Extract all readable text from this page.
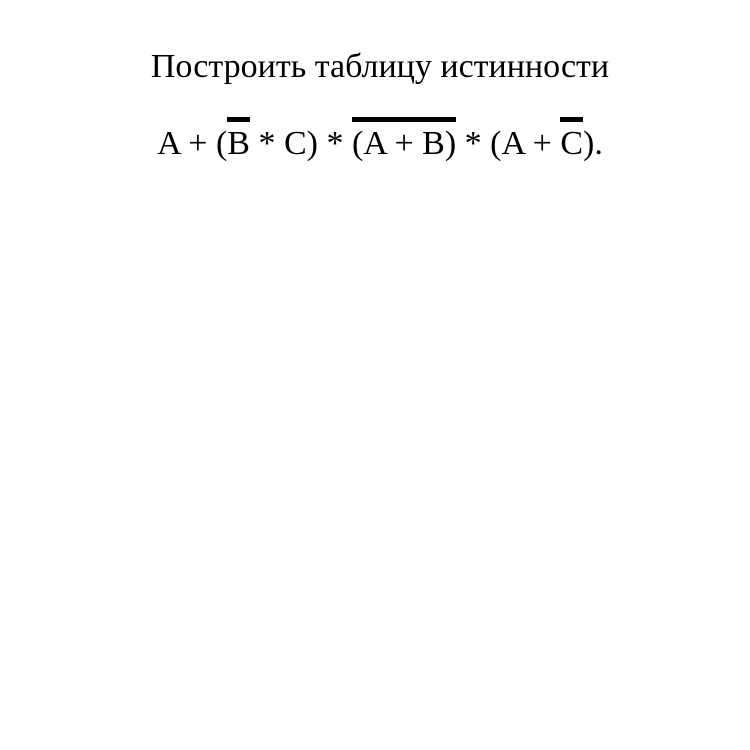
Построить таблицу истинности
A + (B * C) * (A + B) * (A + C).
